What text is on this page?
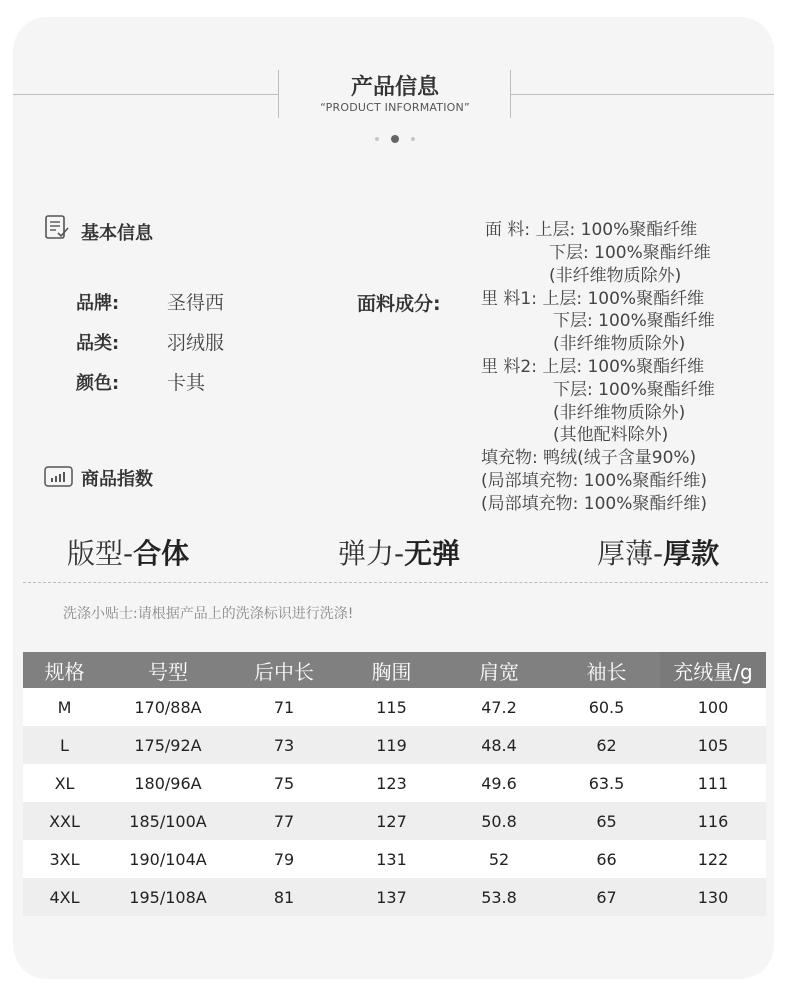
产品信息
“PRODUCT INFORMATION”
基本信息
品牌:	圣得西
品类:	羽绒服
颜色:	卡其
面料成分:
面 料: 上层: 100%聚酯纤维
下层: 100%聚酯纤维
(非纤维物质除外)
里 料1: 上层: 100%聚酯纤维
下层: 100%聚酯纤维
(非纤维物质除外)
里 料2: 上层: 100%聚酯纤维
下层: 100%聚酯纤维
(非纤维物质除外)
(其他配料除外)
填充物: 鸭绒(绒子含量90%)
(局部填充物: 100%聚酯纤维)
(局部填充物: 100%聚酯纤维)
商品指数
版型-合体	弹力-无弹	厚薄-厚款
洗涤小贴士:请根据产品上的洗涤标识进行洗涤!
规格	号型	后中长	胸围	肩宽	袖长	充绒量/g
M	170/88A	71	115	47.2	60.5	100
L	175/92A	73	119	48.4	62	105
XL	180/96A	75	123	49.6	63.5	111
XXL	185/100A	77	127	50.8	65	116
3XL	190/104A	79	131	52	66	122
4XL	195/108A	81	137	53.8	67	130
